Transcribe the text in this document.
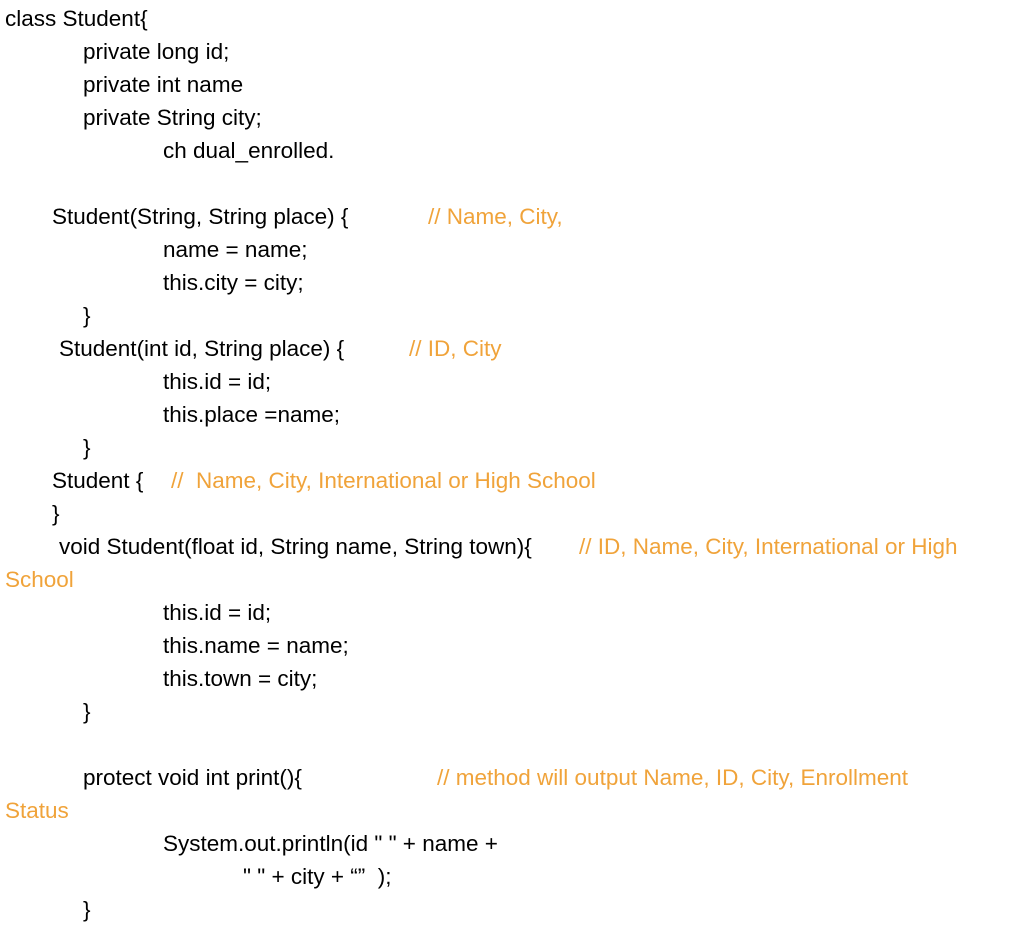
class Student{
private long id;
private int name
private String city;
ch dual_enrolled.
Student(String, String place) {	// Name, City,
name = name;
this.city = city;
}
Student(int id, String place) {	// ID, City
this.id = id;
this.place =name;
}
Student { //  Name, City, International or High School
}
void Student(float id, String name, String town){ // ID, Name, City, International or High
School
this.id = id;
this.name = name;
this.town = city;
}
protect void int print(){	// method will output Name, ID, City, Enrollment
Status
System.out.println(id " " + name +
" " + city + “”  );
}
